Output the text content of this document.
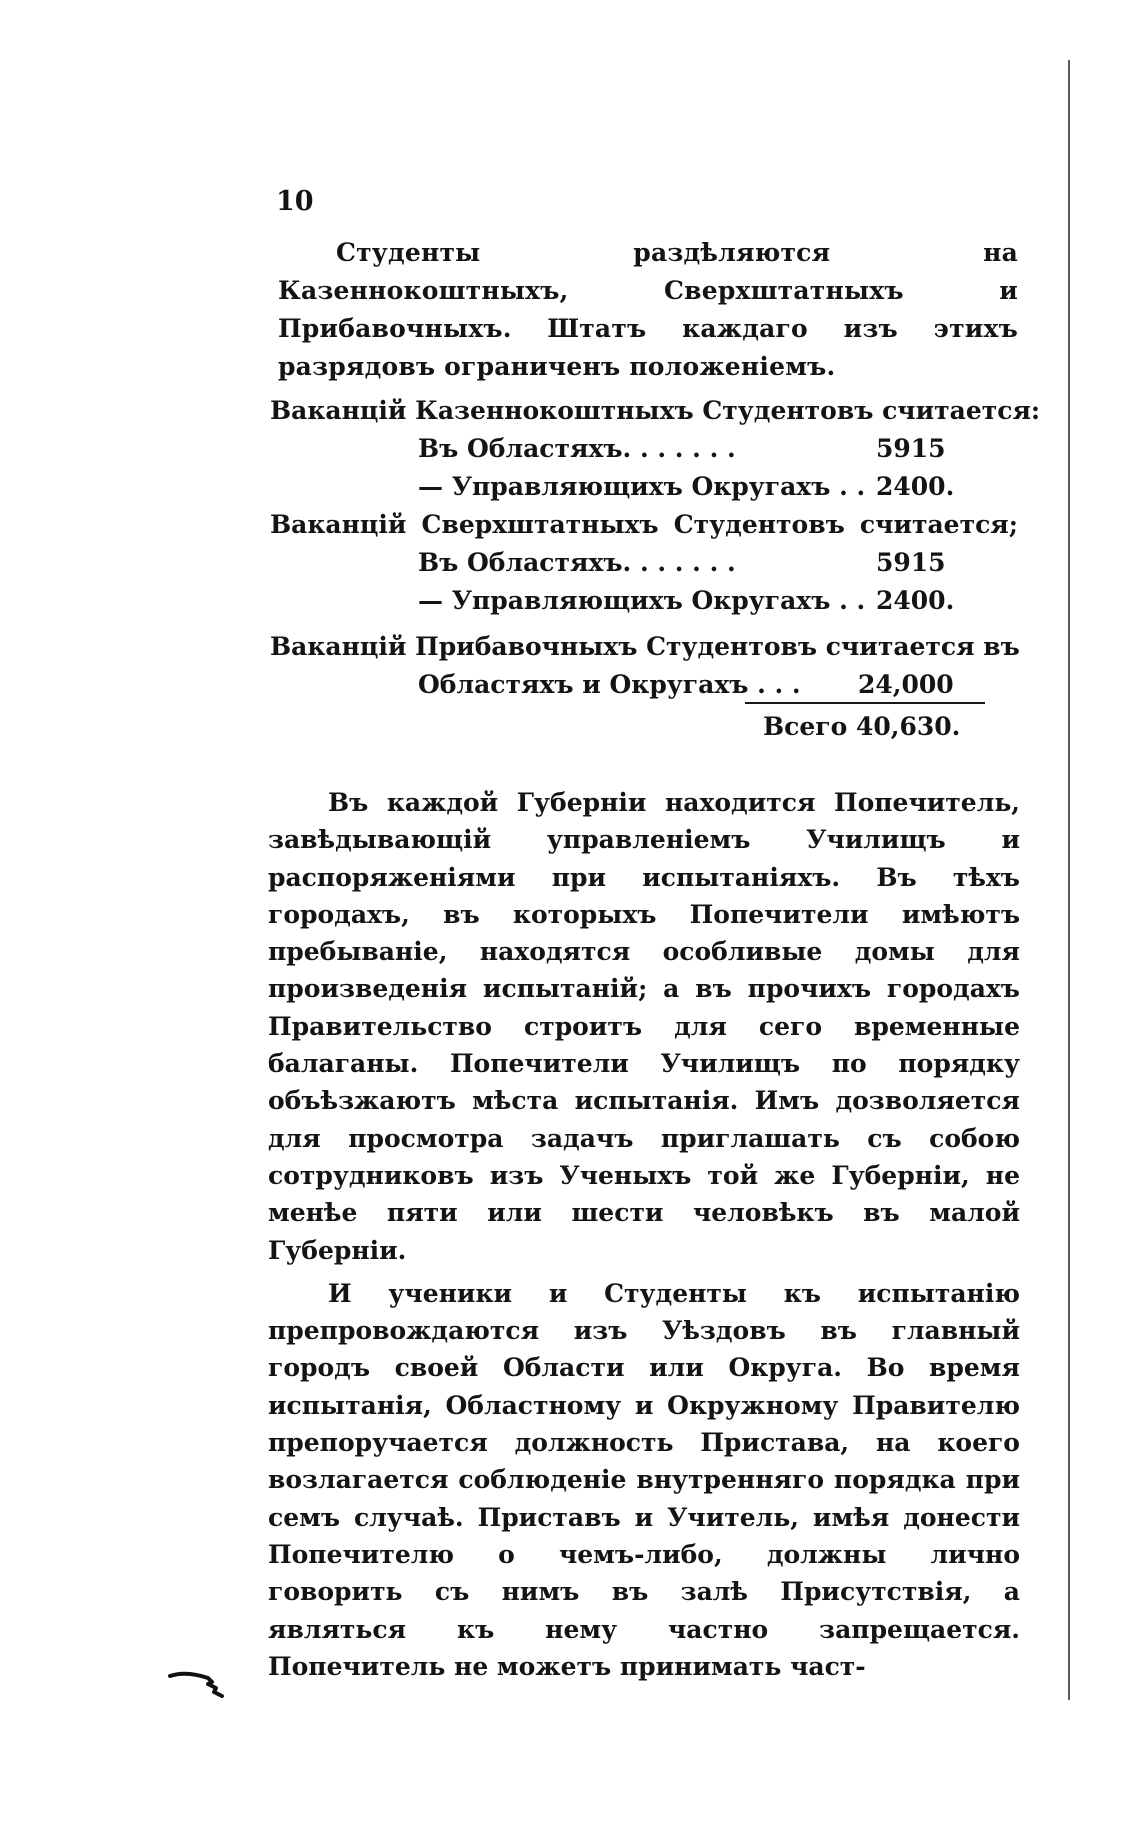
10

Студенты раздѣляются на Казеннокоштныхъ, Сверхштатныхъ и Прибавочныхъ. Штатъ каждаго изъ этихъ разрядовъ ограниченъ положеніемъ.

Ваканцій Казеннокоштныхъ Студентовъ считается:
Въ Областяхъ. . . . . . .	5915
— Управляющихъ Округахъ . . 2400.
Ваканцій Сверхштатныхъ Студентовъ считается;
Въ Областяхъ. . . . . . .	5915
— Управляющихъ Округахъ . . 2400.
Ваканцій Прибавочныхъ Студентовъ считается въ
Областяхъ и Округахъ . . . 24,000
Всего 40,630.

Въ каждой Губерніи находится Попечитель, завѣдывающій управленіемъ Училищъ и распоряженіями при испытаніяхъ. Въ тѣхъ городахъ, въ которыхъ Попечители имѣютъ пребываніе, находятся особливые домы для произведенія испытаній; а въ прочихъ городахъ Правительство строитъ для сего временные балаганы. Попечители Училищъ по порядку объѣзжаютъ мѣста испытанія. Имъ дозволяется для просмотра задачъ приглашать съ собою сотрудниковъ изъ Ученыхъ той же Губерніи, не менѣе пяти или шести человѣкъ въ малой Губерніи.

И ученики и Студенты къ испытанію препровождаются изъ Уѣздовъ въ главный городъ своей Области или Округа. Во время испытанія, Областному и Окружному Правителю препоручается должность Пристава, на коего возлагается соблюденіе внутренняго порядка при семъ случаѣ. Приставъ и Учитель, имѣя донести Попечителю о чемъ-либо, должны лично говорить съ нимъ въ залѣ Присутствія, а являться къ нему частно запрещается. Попечитель не можетъ принимать част-
